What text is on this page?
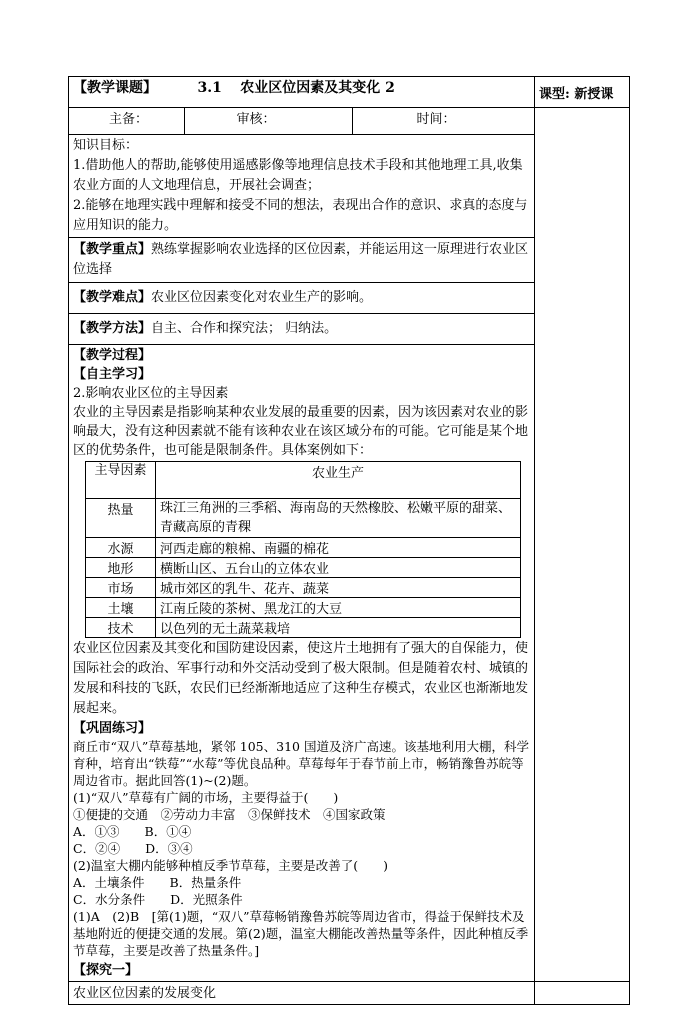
【教学课题】	3.1 农业区位因素及其变化 2	课型: 新授课

主备：	审核：	时间：

知识目标：
1.借助他人的帮助,能够使用遥感影像等地理信息技术手段和其他地理工具,收集农业方面的人文地理信息，开展社会调查；
2.能够在地理实践中理解和接受不同的想法，表现出合作的意识、求真的态度与应用知识的能力。

【教学重点】熟练掌握影响农业选择的区位因素，并能运用这一原理进行农业区位选择
【教学难点】农业区位因素变化对农业生产的影响。
【教学方法】自主、合作和探究法； 归纳法。

【教学过程】
【自主学习】
2.影响农业区位的主导因素
农业的主导因素是指影响某种农业发展的最重要的因素，因为该因素对农业的影响最大，没有这种因素就不能有该种农业在该区域分布的可能。它可能是某个地区的优势条件，也可能是限制条件。具体案例如下：
主导因素	农业生产
热量	珠江三角洲的三季稻、海南岛的天然橡胶、松嫩平原的甜菜、青藏高原的青稞
水源	河西走廊的粮棉、南疆的棉花
地形	横断山区、五台山的立体农业
市场	城市郊区的乳牛、花卉、蔬菜
土壤	江南丘陵的茶树、黑龙江的大豆
技术	以色列的无土蔬菜栽培
农业区位因素及其变化和国防建设因素，使这片土地拥有了强大的自保能力，使国际社会的政治、军事行动和外交活动受到了极大限制。但是随着农村、城镇的发展和科技的飞跃，农民们已经渐渐地适应了这种生存模式，农业区也渐渐地发展起来。
【巩固练习】
商丘市“双八”草莓基地，紧邻 105、310 国道及济广高速。该基地利用大棚，科学育种，培育出“铁莓”“水莓”等优良品种。草莓每年于春节前上市，畅销豫鲁苏皖等周边省市。据此回答(1)~(2)题。
(1)“双八”草莓有广阔的市场，主要得益于(　　)
①便捷的交通　②劳动力丰富　③保鲜技术　④国家政策
A．①③　　B．①④
C．②④　　D．③④
(2)温室大棚内能够种植反季节草莓，主要是改善了(　　)
A．土壤条件　　B．热量条件
C．水分条件　　D．光照条件
(1)A　(2)B　[第(1)题，“双八”草莓畅销豫鲁苏皖等周边省市，得益于保鲜技术及基地附近的便捷交通的发展。第(2)题，温室大棚能改善热量等条件，因此种植反季节草莓，主要是改善了热量条件。]
【探究一】

农业区位因素的发展变化	
